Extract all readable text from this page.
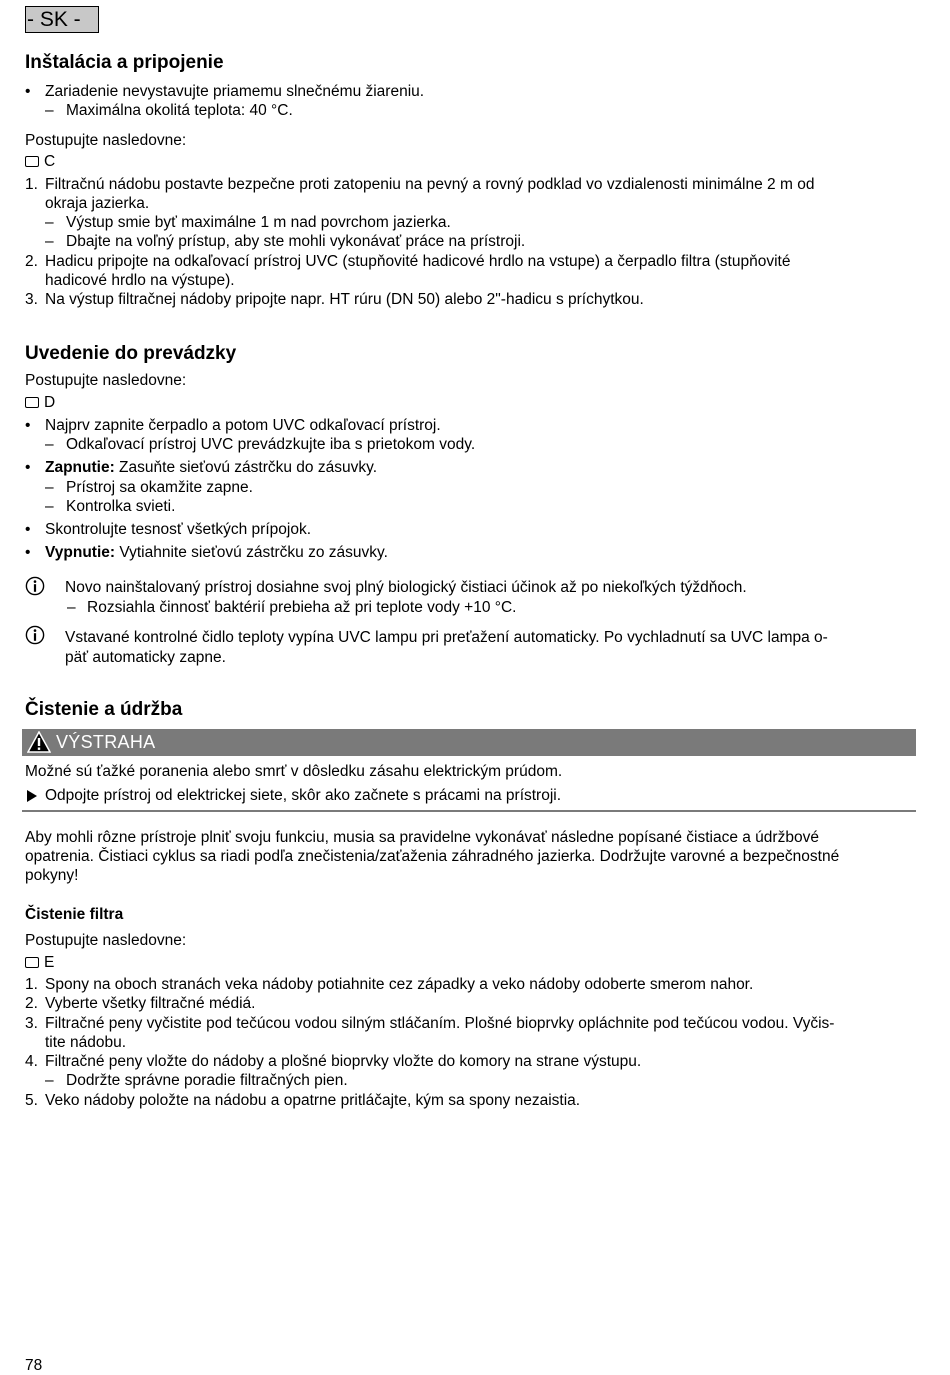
- SK -
Inštalácia a pripojenie
• Zariadenie nevystavujte priamemu slnečnému žiareniu.
– Maximálna okolitá teplota: 40 °C.
Postupujte nasledovne:
C
1. Filtračnú nádobu postavte bezpečne proti zatopeniu na pevný a rovný podklad vo vzdialenosti minimálne 2 m od
okraja jazierka.
– Výstup smie byť maximálne 1 m nad povrchom jazierka.
– Dbajte na voľný prístup, aby ste mohli vykonávať práce na prístroji.
2. Hadicu pripojte na odkaľovací prístroj UVC (stupňovité hadicové hrdlo na vstupe) a čerpadlo filtra (stupňovité
hadicové hrdlo na výstupe).
3. Na výstup filtračnej nádoby pripojte napr. HT rúru (DN 50) alebo 2"-hadicu s príchytkou.
Uvedenie do prevádzky
Postupujte nasledovne:
D
• Najprv zapnite čerpadlo a potom UVC odkaľovací prístroj.
– Odkaľovací prístroj UVC prevádzkujte iba s prietokom vody.
• Zapnutie: Zasuňte sieťovú zástrčku do zásuvky.
– Prístroj sa okamžite zapne.
– Kontrolka svieti.
• Skontrolujte tesnosť všetkých prípojok.
• Vypnutie: Vytiahnite sieťovú zástrčku zo zásuvky.
Novo nainštalovaný prístroj dosiahne svoj plný biologický čistiaci účinok až po niekoľkých týždňoch.
– Rozsiahla činnosť baktérií prebieha až pri teplote vody +10 °C.
Vstavané kontrolné čidlo teploty vypína UVC lampu pri preťažení automaticky. Po vychladnutí sa UVC lampa o-
päť automaticky zapne.
Čistenie a údržba
VÝSTRAHA
Možné sú ťažké poranenia alebo smrť v dôsledku zásahu elektrickým prúdom.
Odpojte prístroj od elektrickej siete, skôr ako začnete s prácami na prístroji.
Aby mohli rôzne prístroje plniť svoju funkciu, musia sa pravidelne vykonávať následne popísané čistiace a údržbové
opatrenia. Čistiaci cyklus sa riadi podľa znečistenia/zaťaženia záhradného jazierka. Dodržujte varovné a bezpečnostné
pokyny!
Čistenie filtra
Postupujte nasledovne:
E
1. Spony na oboch stranách veka nádoby potiahnite cez západky a veko nádoby odoberte smerom nahor.
2. Vyberte všetky filtračné médiá.
3. Filtračné peny vyčistite pod tečúcou vodou silným stláčaním. Plošné bioprvky opláchnite pod tečúcou vodou. Vyčis-
tite nádobu.
4. Filtračné peny vložte do nádoby a plošné bioprvky vložte do komory na strane výstupu.
– Dodržte správne poradie filtračných pien.
5. Veko nádoby položte na nádobu a opatrne pritláčajte, kým sa spony nezaistia.
78
